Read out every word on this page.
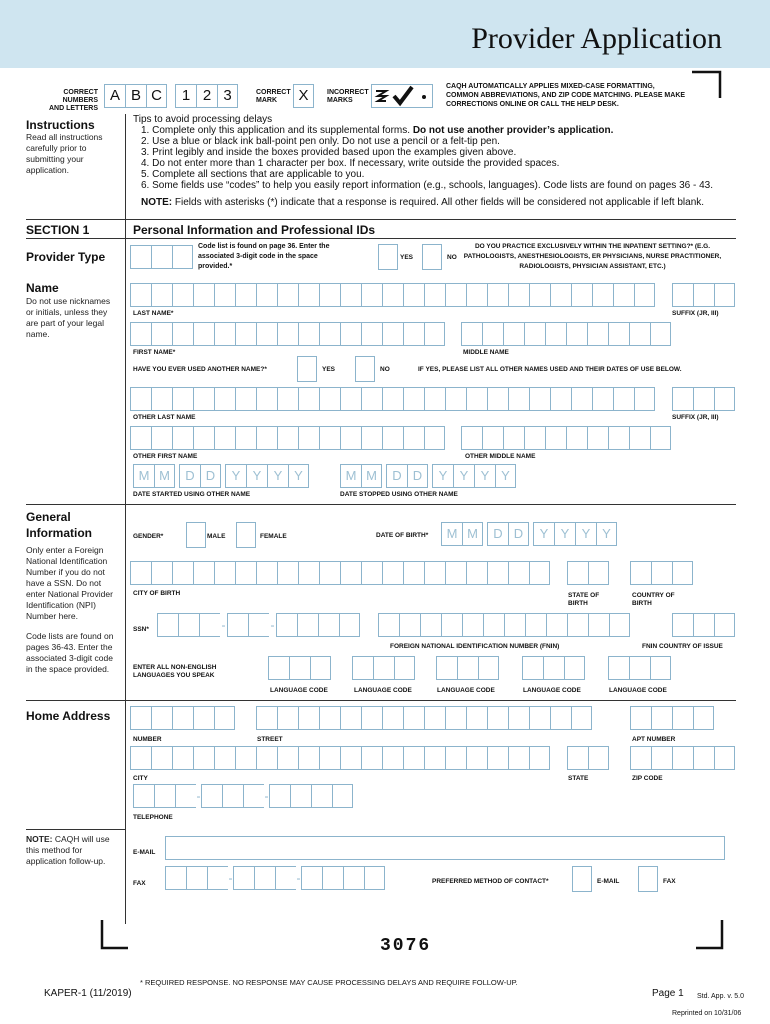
Provider Application
CORRECT NUMBERS
AND LETTERS
A B C	1 2 3	CORRECT
MARK	X	INCORRECT
MARKS
CAQH AUTOMATICALLY APPLIES MIXED-CASE FORMATTING, COMMON ABBREVIATIONS, AND ZIP CODE MATCHING. PLEASE MAKE CORRECTIONS ONLINE OR CALL THE HELP DESK.
Instructions
Read all instructions carefully prior to submitting your application.
Tips to avoid processing delays
1. Complete only this application and its supplemental forms. Do not use another provider’s application.
2. Use a blue or black ink ball-point pen only. Do not use a pencil or a felt-tip pen.
3. Print legibly and inside the boxes provided based upon the examples given above.
4. Do not enter more than 1 character per box. If necessary, write outside the provided spaces.
5. Complete all sections that are applicable to you.
6. Some fields use “codes” to help you easily report information (e.g., schools, languages). Code lists are found on pages 36 - 43.
NOTE: Fields with asterisks (*) indicate that a response is required. All other fields will be considered not applicable if left blank.
SECTION 1	Personal Information and Professional IDs
Provider Type
Code list is found on page 36. Enter the associated 3-digit code in the space provided.*
YES	NO
DO YOU PRACTICE EXCLUSIVELY WITHIN THE INPATIENT SETTING?* (E.G. PATHOLOGISTS, ANESTHESIOLOGISTS, ER PHYSICIANS, NURSE PRACTITIONER, RADIOLOGISTS, PHYSICIAN ASSISTANT, ETC.)
Name
Do not use nicknames or initials, unless they are part of your legal name.
LAST NAME*	SUFFIX (JR, III)
FIRST NAME*	MIDDLE NAME
HAVE YOU EVER USED ANOTHER NAME?*	YES	NO	IF YES, PLEASE LIST ALL OTHER NAMES USED AND THEIR DATES OF USE BELOW.
OTHER LAST NAME	SUFFIX (JR, III)
OTHER FIRST NAME	OTHER MIDDLE NAME
M M	D D	Y Y Y Y	M M	D D	Y Y Y Y
DATE STARTED USING OTHER NAME	DATE STOPPED USING OTHER NAME
General Information
Only enter a Foreign National Identification Number if you do not have a SSN. Do not enter National Provider Identification (NPI) Number here.
Code lists are found on pages 36-43. Enter the associated 3-digit code in the space provided.
GENDER*	MALE	FEMALE	DATE OF BIRTH*	M M	D D	Y Y Y Y
CITY OF BIRTH	STATE OF BIRTH
COUNTRY OF BIRTH
SSN*	-	-
FOREIGN NATIONAL IDENTIFICATION NUMBER (FNIN)	FNIN COUNTRY OF ISSUE
ENTER ALL NON-ENGLISH LANGUAGES YOU SPEAK
LANGUAGE CODE	LANGUAGE CODE	LANGUAGE CODE	LANGUAGE CODE	LANGUAGE CODE
Home Address
NUMBER	STREET	APT NUMBER
CITY	STATE	ZIP CODE
-	-
TELEPHONE
NOTE: CAQH will use this method for application follow-up.
E-MAIL
FAX	-	-	PREFERRED METHOD OF CONTACT*	E-MAIL	FAX
3076
* REQUIRED RESPONSE. NO RESPONSE MAY CAUSE PROCESSING DELAYS AND REQUIRE FOLLOW-UP.
KAPER-1 (11/2019)	Page 1 Std. App. v. 5.0
Reprinted on 10/31/06
